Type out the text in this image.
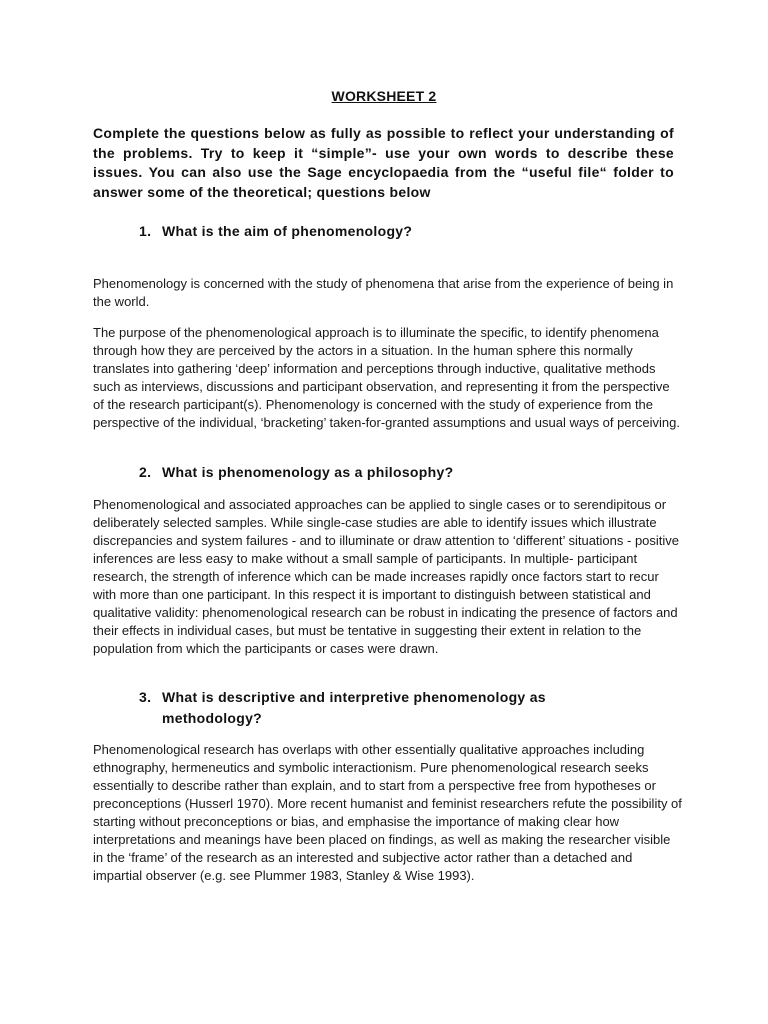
WORKSHEET 2
Complete the questions below as fully as possible to reflect your understanding of the problems. Try to keep it “simple”- use your own words to describe these issues. You can also use the Sage encyclopaedia from the “useful file“ folder to answer some of the theoretical; questions below
1. What is the aim of phenomenology?
Phenomenology is concerned with the study of phenomena that arise from the experience of being in the world.
The purpose of the phenomenological approach is to illuminate the specific, to identify phenomena through how they are perceived by the actors in a situation. In the human sphere this normally translates into gathering ‘deep’ information and perceptions through inductive, qualitative methods such as interviews, discussions and participant observation, and representing it from the perspective of the research participant(s). Phenomenology is concerned with the study of experience from the perspective of the individual, ‘bracketing’ taken-for-granted assumptions and usual ways of perceiving.
2. What is phenomenology as a philosophy?
Phenomenological and associated approaches can be applied to single cases or to serendipitous or deliberately selected samples. While single-case studies are able to identify issues which illustrate discrepancies and system failures - and to illuminate or draw attention to ‘different’ situations - positive inferences are less easy to make without a small sample of participants. In multiple- participant research, the strength of inference which can be made increases rapidly once factors start to recur with more than one participant. In this respect it is important to distinguish between statistical and qualitative validity: phenomenological research can be robust in indicating the presence of factors and their effects in individual cases, but must be tentative in suggesting their extent in relation to the population from which the participants or cases were drawn.
3. What is descriptive and interpretive phenomenology as methodology?
Phenomenological research has overlaps with other essentially qualitative approaches including ethnography, hermeneutics and symbolic interactionism. Pure phenomenological research seeks essentially to describe rather than explain, and to start from a perspective free from hypotheses or preconceptions (Husserl 1970). More recent humanist and feminist researchers refute the possibility of starting without preconceptions or bias, and emphasise the importance of making clear how interpretations and meanings have been placed on findings, as well as making the researcher visible in the ‘frame’ of the research as an interested and subjective actor rather than a detached and impartial observer (e.g. see Plummer 1983, Stanley & Wise 1993).
